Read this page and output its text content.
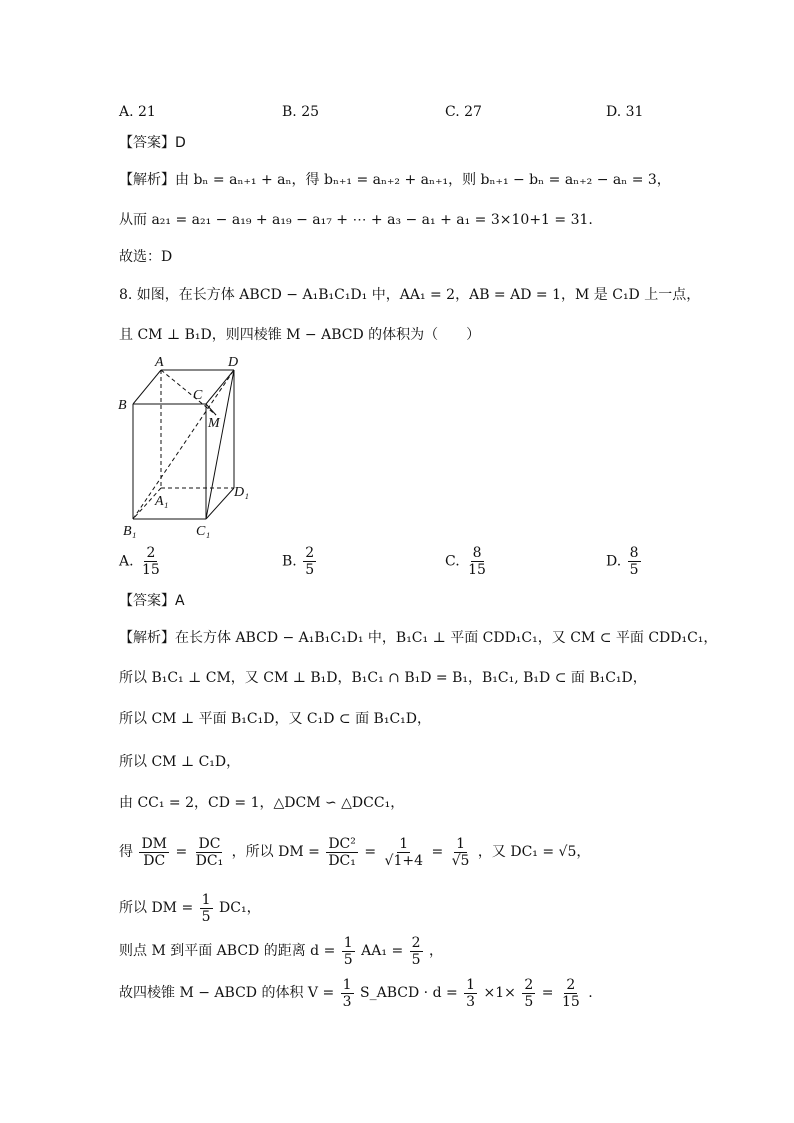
A. 21	B. 25	C. 27	D. 31
【答案】D
【解析】由 bₙ = aₙ₊₁ + aₙ，得 bₙ₊₁ = aₙ₊₂ + aₙ₊₁，则 bₙ₊₁ − bₙ = aₙ₊₂ − aₙ = 3，
从而 a₂₁ = a₂₁ − a₁₉ + a₁₉ − a₁₇ + ⋯ + a₃ − a₁ + a₁ = 3×10+1 = 31.
故选：D
8. 如图，在长方体 ABCD − A₁B₁C₁D₁ 中，AA₁ = 2，AB = AD = 1，M 是 C₁D 上一点，
且 CM ⊥ B₁D，则四棱锥 M − ABCD 的体积为（　　）
A	D
B
C
M
D₁
A₁
B₁	C₁
A. $\frac{2}{15}$	B. $\frac{2}{5}$	C. $\frac{8}{15}$	D. $\frac{8}{5}$
【答案】A
【解析】在长方体 ABCD − A₁B₁C₁D₁ 中，B₁C₁ ⊥ 平面 CDD₁C₁，又 CM ⊂ 平面 CDD₁C₁，
所以 B₁C₁ ⊥ CM，又 CM ⊥ B₁D，B₁C₁ ∩ B₁D = B₁，B₁C₁, B₁D ⊂ 面 B₁C₁D，
所以 CM ⊥ 平面 B₁C₁D，又 C₁D ⊂ 面 B₁C₁D，
所以 CM ⊥ C₁D，
由 CC₁ = 2，CD = 1，△DCM ∽ △DCC₁，
得 $\frac{DM}{DC} = \frac{DC}{\text{DC₁}}$ ，所以 DM = $\frac{\text{DC²}}{\text{DC₁}} = \frac{1}{√1+4} = \frac{1}{√5}$ ，又 DC₁ = √5，
所以 DM = $\frac{1}{5} DC_1$，
则点 M 到平面 ABCD 的距离 $d = \frac{1}{5} AA_1 = \frac{2}{5}$ ，
故四棱锥 M − ABCD 的体积 $V = \frac{1}{3}$ S_ABCD · $d = \frac{1}{3} \times 1\times \frac{2}{5} = \frac{2}{15}$ .
